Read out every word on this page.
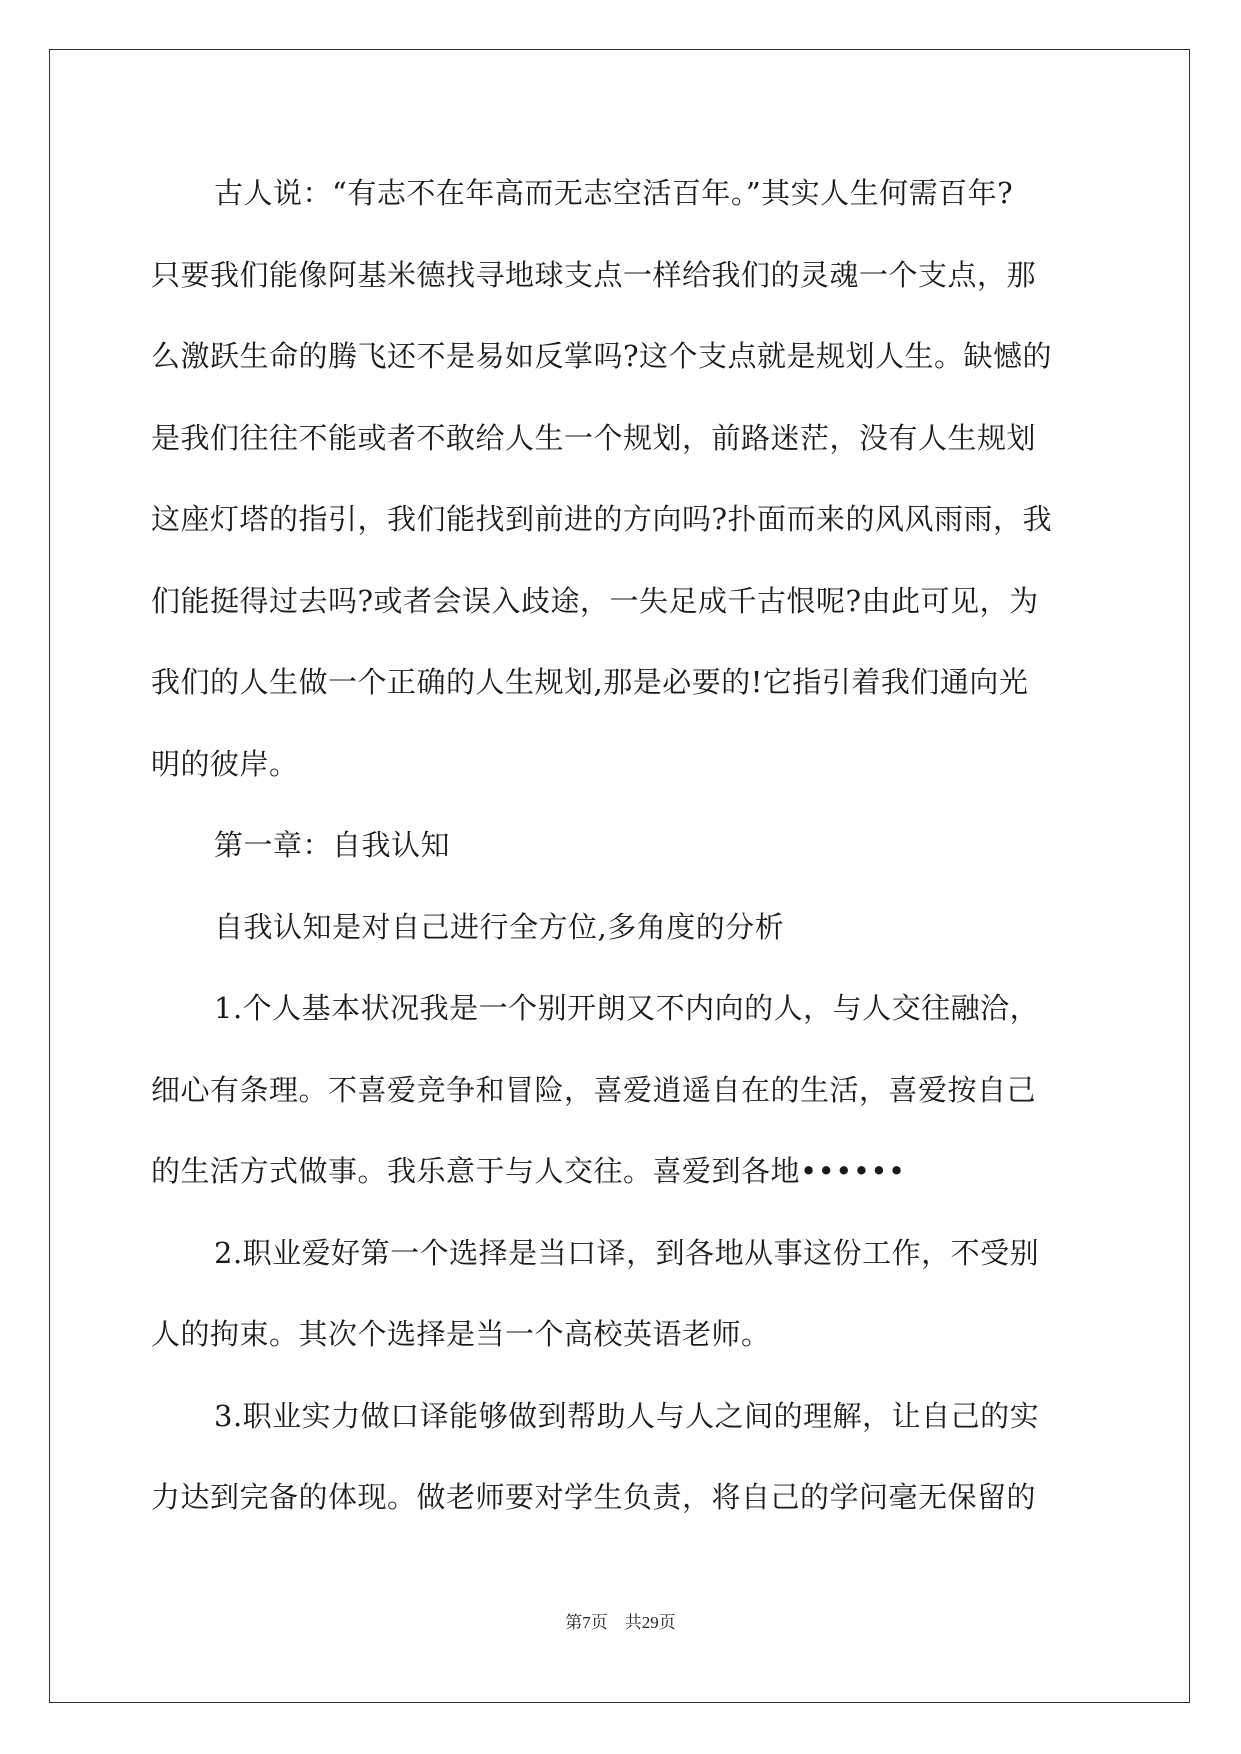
古人说：“有志不在年高而无志空活百年。”其实人生何需百年?
只要我们能像阿基米德找寻地球支点一样给我们的灵魂一个支点，那
么激跃生命的腾飞还不是易如反掌吗?这个支点就是规划人生。缺憾的
是我们往往不能或者不敢给人生一个规划，前路迷茫，没有人生规划
这座灯塔的指引，我们能找到前进的方向吗?扑面而来的风风雨雨，我
们能挺得过去吗?或者会误入歧途，一失足成千古恨呢?由此可见，为
我们的人生做一个正确的人生规划,那是必要的!它指引着我们通向光
明的彼岸。
第一章：自我认知
自我认知是对自己进行全方位,多角度的分析
1.个人基本状况我是一个别开朗又不内向的人，与人交往融洽，
细心有条理。不喜爱竞争和冒险，喜爱逍遥自在的生活，喜爱按自己
的生活方式做事。我乐意于与人交往。喜爱到各地••••••
2.职业爱好第一个选择是当口译，到各地从事这份工作，不受别
人的拘束。其次个选择是当一个高校英语老师。
3.职业实力做口译能够做到帮助人与人之间的理解，让自己的实
力达到完备的体现。做老师要对学生负责，将自己的学问毫无保留的
第7页　共29页
